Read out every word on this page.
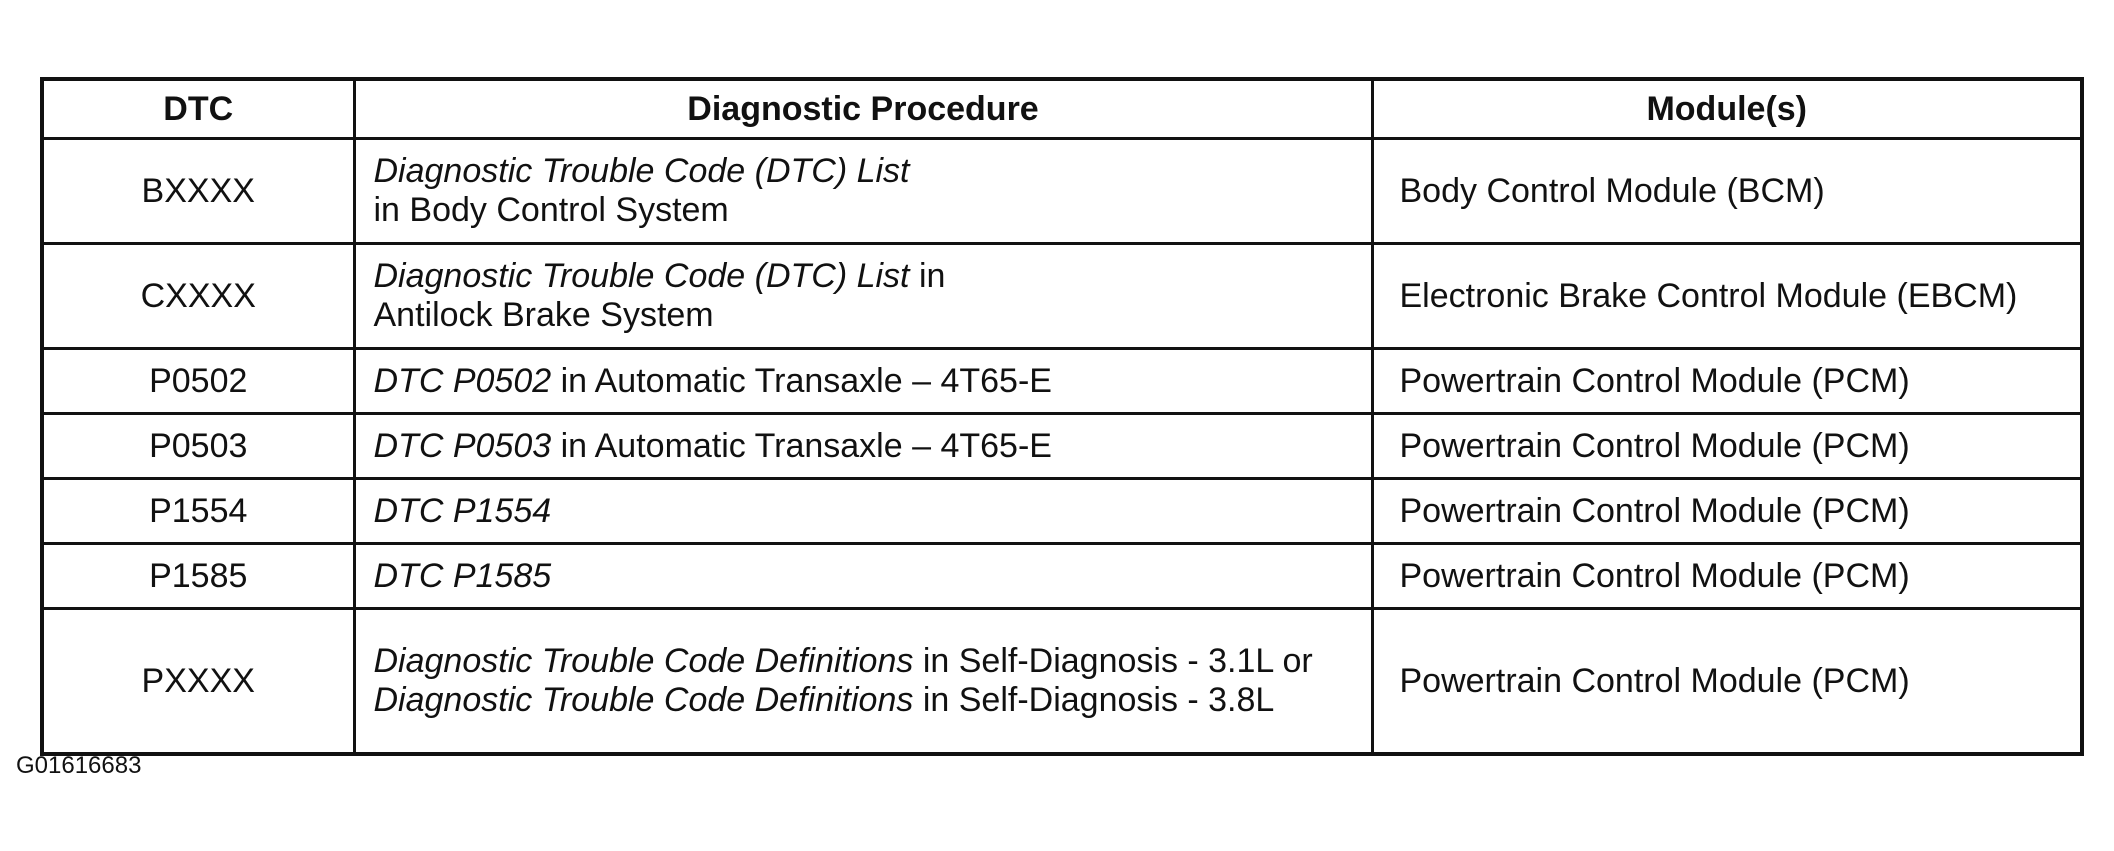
DTC	Diagnostic Procedure	Module(s)
BXXXX	Diagnostic Trouble Code (DTC) List in Body Control System	Body Control Module (BCM)
CXXXX	Diagnostic Trouble Code (DTC) List in Antilock Brake System	Electronic Brake Control Module (EBCM)
P0502	DTC P0502 in Automatic Transaxle – 4T65-E	Powertrain Control Module (PCM)
P0503	DTC P0503 in Automatic Transaxle – 4T65-E	Powertrain Control Module (PCM)
P1554	DTC P1554	Powertrain Control Module (PCM)
P1585	DTC P1585	Powertrain Control Module (PCM)
PXXXX	Diagnostic Trouble Code Definitions in Self-Diagnosis - 3.1L or Diagnostic Trouble Code Definitions in Self-Diagnosis - 3.8L	Powertrain Control Module (PCM)
G01616683
